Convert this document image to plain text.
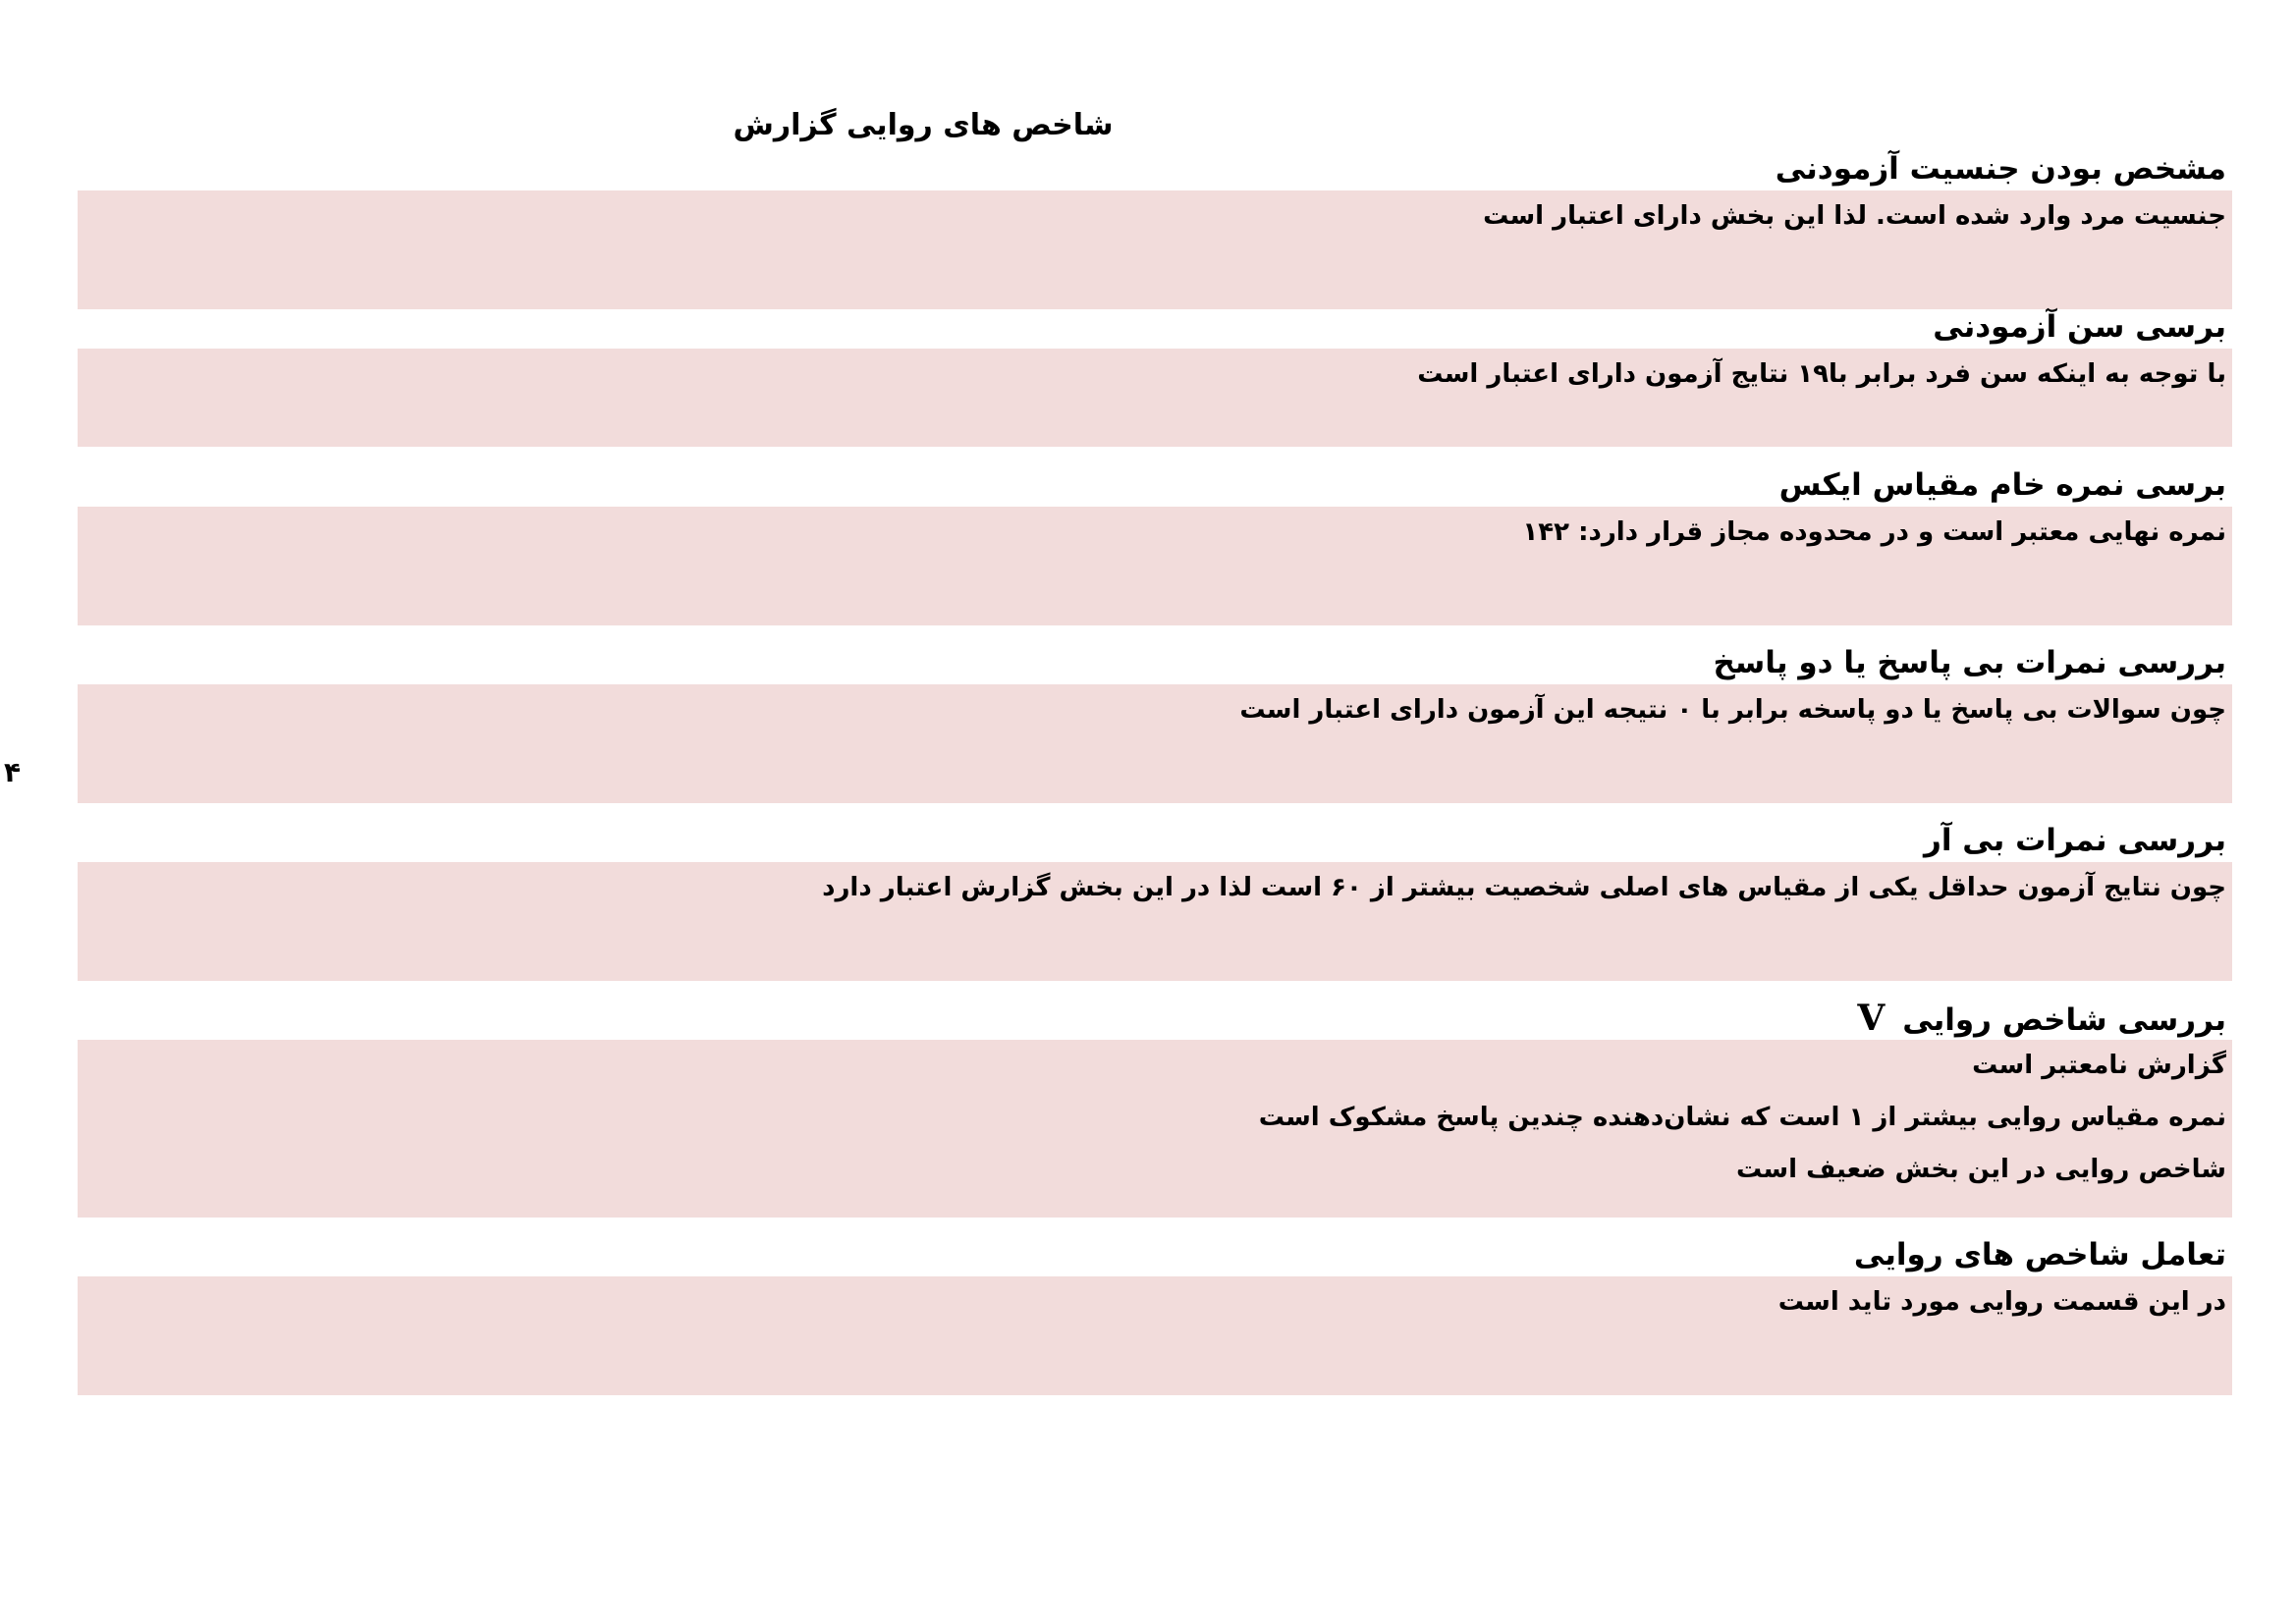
شاخص های روایی گزارش
۴
مشخص بودن جنسیت آزمودنی
جنسیت مرد وارد شده است. لذا این بخش دارای اعتبار است
برسی سن آزمودنی
با توجه به اینکه سن فرد برابر با۱۹ نتایج آزمون دارای اعتبار است
برسی نمره خام مقیاس ایکس
نمره نهایی معتبر است و در محدوده مجاز قرار دارد: ۱۴۲
بررسی نمرات بی پاسخ یا دو پاسخ
چون سوالات بی پاسخ یا دو پاسخه برابر با ۰ نتیجه این آزمون دارای اعتبار است
بررسی نمرات بی آر
چون نتایج آزمون حداقل یکی از مقیاس های اصلی شخصیت بیشتر از ۶۰ است لذا در این بخش گزارش اعتبار دارد
بررسی شاخص رواییV
گزارش نامعتبر است
نمره مقیاس روایی بیشتر از ۱ است که نشان‌دهنده چندین پاسخ مشکوک است
شاخص روایی در این بخش ضعیف است
تعامل شاخص های روایی
در این قسمت روایی مورد تاید است
